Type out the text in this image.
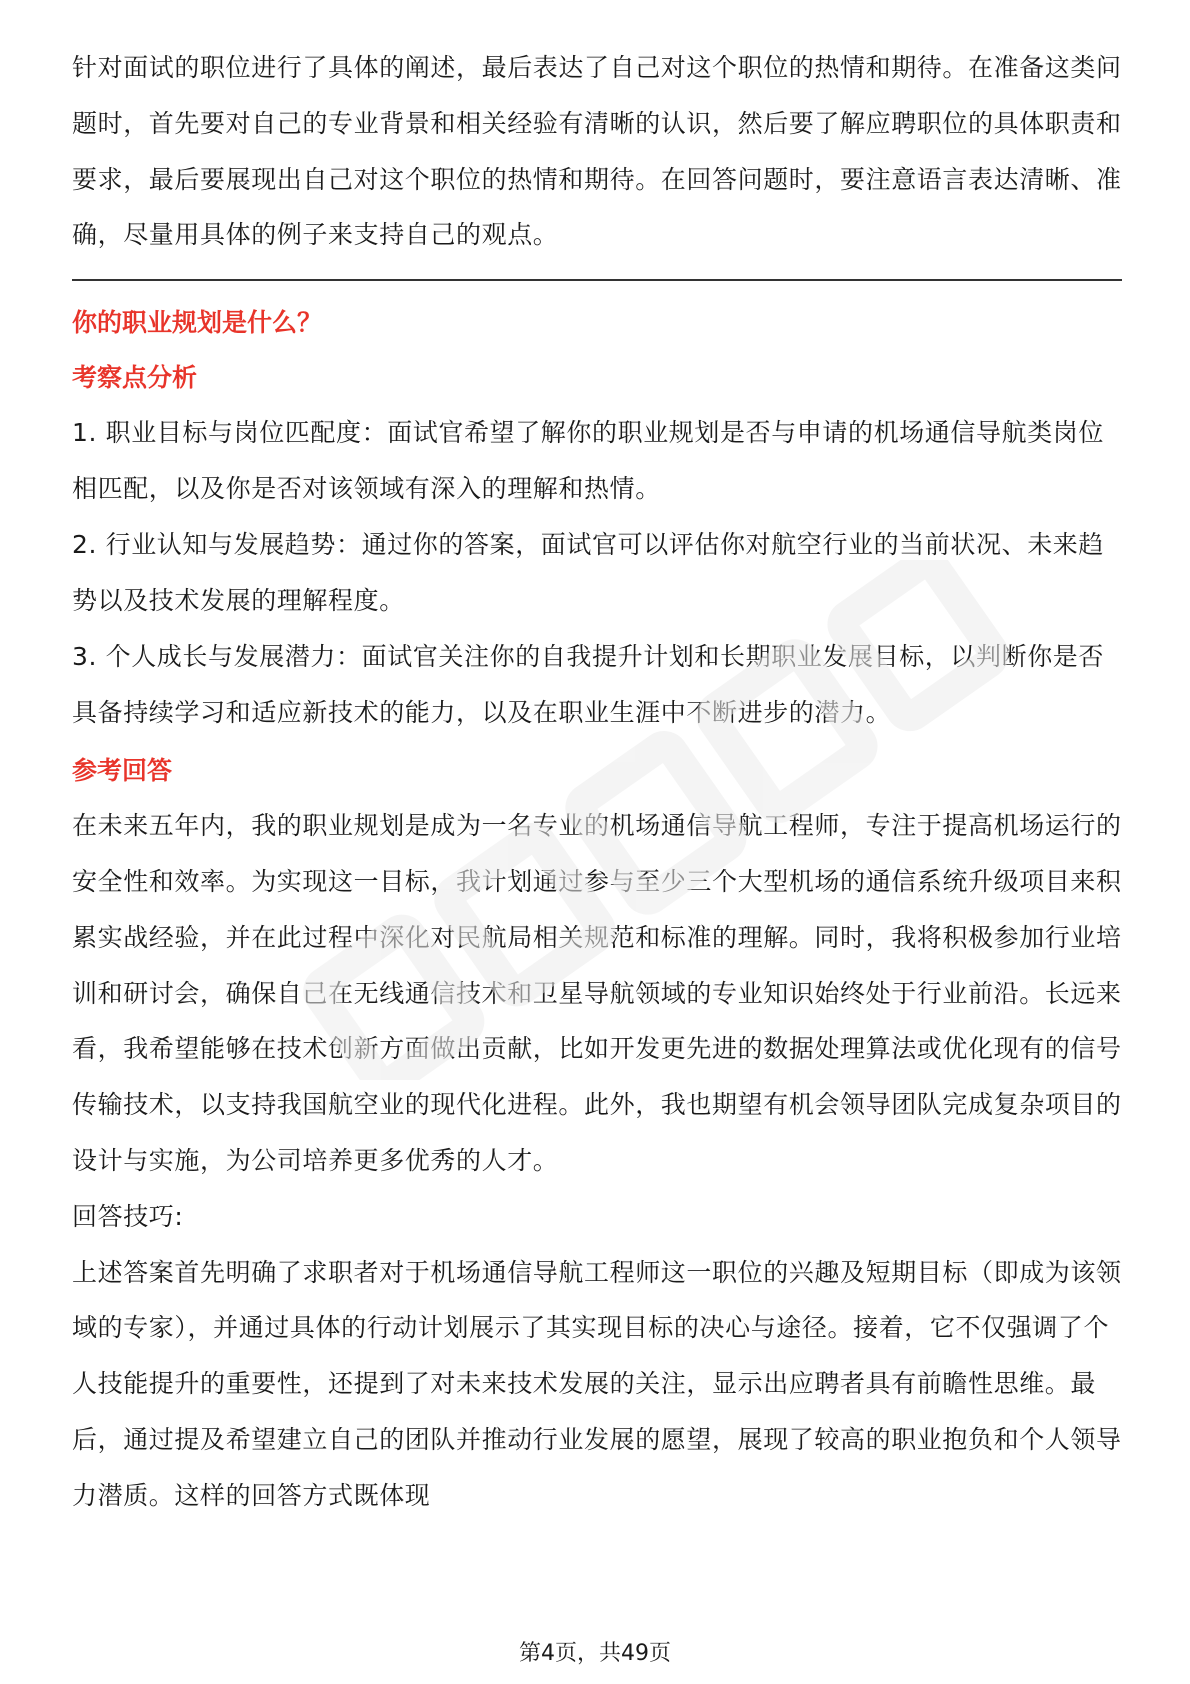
针对面试的职位进行了具体的阐述，最后表达了自己对这个职位的热情和期待。在准备这类问题时，首先要对自己的专业背景和相关经验有清晰的认识，然后要了解应聘职位的具体职责和要求，最后要展现出自己对这个职位的热情和期待。在回答问题时，要注意语言表达清晰、准确，尽量用具体的例子来支持自己的观点。

你的职业规划是什么？

考察点分析

1. 职业目标与岗位匹配度：面试官希望了解你的职业规划是否与申请的机场通信导航类岗位相匹配，以及你是否对该领域有深入的理解和热情。

2. 行业认知与发展趋势：通过你的答案，面试官可以评估你对航空行业的当前状况、未来趋势以及技术发展的理解程度。

3. 个人成长与发展潜力：面试官关注你的自我提升计划和长期职业发展目标，以判断你是否具备持续学习和适应新技术的能力，以及在职业生涯中不断进步的潜力。

参考回答

在未来五年内，我的职业规划是成为一名专业的机场通信导航工程师，专注于提高机场运行的安全性和效率。为实现这一目标，我计划通过参与至少三个大型机场的通信系统升级项目来积累实战经验，并在此过程中深化对民航局相关规范和标准的理解。同时，我将积极参加行业培训和研讨会，确保自己在无线通信技术和卫星导航领域的专业知识始终处于行业前沿。长远来看，我希望能够在技术创新方面做出贡献，比如开发更先进的数据处理算法或优化现有的信号传输技术，以支持我国航空业的现代化进程。此外，我也期望有机会领导团队完成复杂项目的设计与实施，为公司培养更多优秀的人才。

回答技巧:

上述答案首先明确了求职者对于机场通信导航工程师这一职位的兴趣及短期目标（即成为该领域的专家），并通过具体的行动计划展示了其实现目标的决心与途径。接着，它不仅强调了个人技能提升的重要性，还提到了对未来技术发展的关注，显示出应聘者具有前瞻性思维。最后，通过提及希望建立自己的团队并推动行业发展的愿望，展现了较高的职业抱负和个人领导力潜质。这样的回答方式既体现

第4页，共49页
